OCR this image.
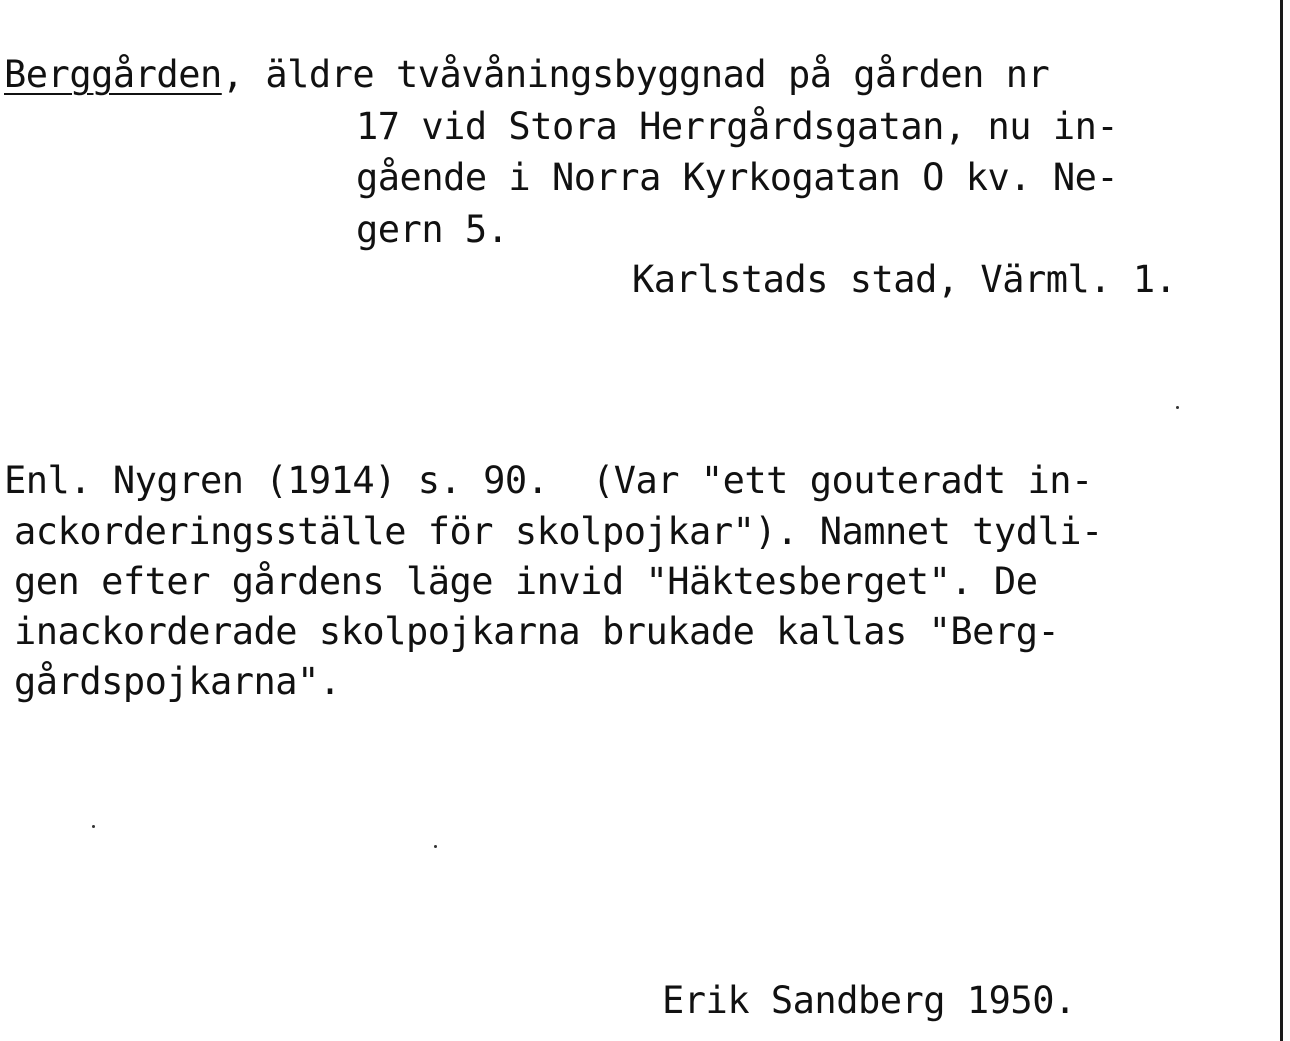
Berggården, äldre tvåvåningsbyggnad på gården nr
17 vid Stora Herrgårdsgatan, nu in-
gående i Norra Kyrkogatan O kv. Ne-
gern 5.
Karlstads stad, Värml. 1.
Enl. Nygren (1914) s. 90.  (Var "ett gouteradt in-
ackorderingsställe för skolpojkar"). Namnet tydli-
gen efter gårdens läge invid "Häktesberget". De
inackorderade skolpojkarna brukade kallas "Berg-
gårdspojkarna".
Erik Sandberg 1950.
